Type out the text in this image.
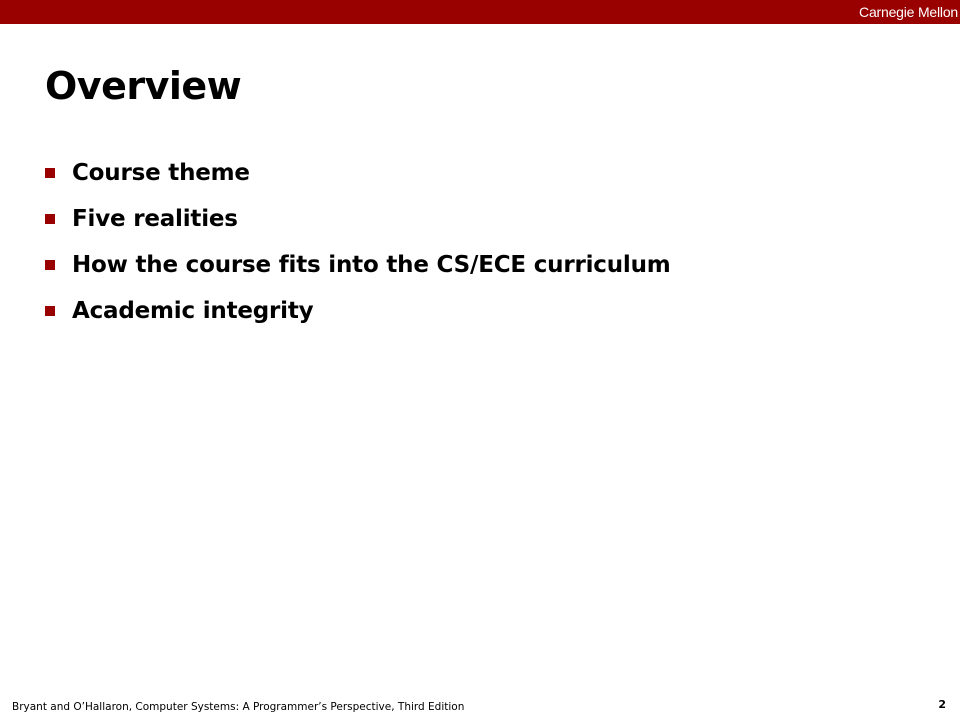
Carnegie Mellon
Overview
Course theme
Five realities
How the course fits into the CS/ECE curriculum
Academic integrity
Bryant and O’Hallaron, Computer Systems: A Programmer’s Perspective, Third Edition	2
